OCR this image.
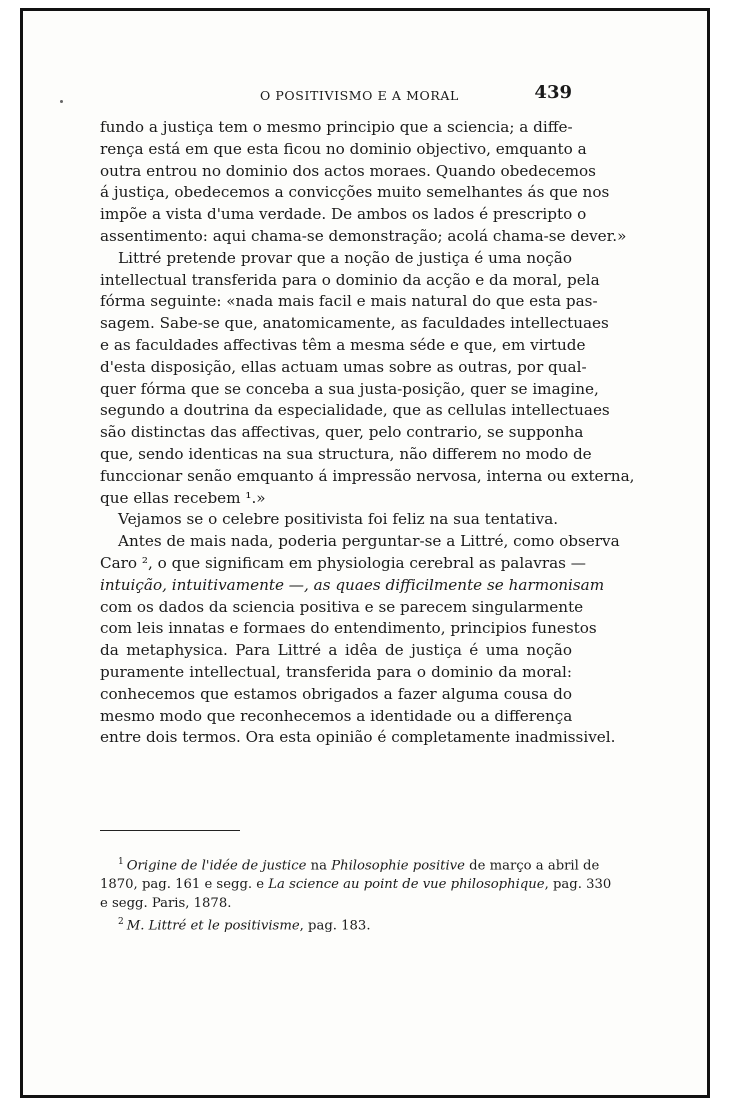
O POSITIVISMO E A MORAL	439
fundo a justiça tem o mesmo principio que a sciencia; a diffe-
rença está em que esta ficou no dominio objectivo, emquanto a
outra entrou no dominio dos actos moraes. Quando obedecemos
á justiça, obedecemos a convicções muito semelhantes ás que nos
impõe a vista d'uma verdade. De ambos os lados é prescripto o
assentimento: aqui chama-se demonstração; acolá chama-se dever.»
Littré pretende provar que a noção de justiça é uma noção
intellectual transferida para o dominio da acção e da moral, pela
fórma seguinte: «nada mais facil e mais natural do que esta pas-
sagem. Sabe-se que, anatomicamente, as faculdades intellectuaes
e as faculdades affectivas têm a mesma séde e que, em virtude
d'esta disposição, ellas actuam umas sobre as outras, por qual-
quer fórma que se conceba a sua justa-posição, quer se imagine,
segundo a doutrina da especialidade, que as cellulas intellectuaes
são distinctas das affectivas, quer, pelo contrario, se supponha
que, sendo identicas na sua structura, não differem no modo de
funccionar senão emquanto á impressão nervosa, interna ou externa,
que ellas recebem ¹.»
Vejamos se o celebre positivista foi feliz na sua tentativa.
Antes de mais nada, poderia perguntar-se a Littré, como observa
Caro ², o que significam em physiologia cerebral as palavras —
intuição, intuitivamente —, as quaes difficilmente se harmonisam
com os dados da sciencia positiva e se parecem singularmente
com leis innatas e formaes do entendimento, principios funestos
da metaphysica. Para Littré a idêa de justiça é uma noção
puramente intellectual, transferida para o dominio da moral:
conhecemos que estamos obrigados a fazer alguma cousa do
mesmo modo que reconhecemos a identidade ou a differença
entre dois termos. Ora esta opinião é completamente inadmissivel.
$^1$ Origine de l'idée de justice na Philosophie positive de março a abril de
1870, pag. 161 e segg. e La science au point de vue philosophique, pag. 330
e segg. Paris, 1878.
$^2$ M. Littré et le positivisme, pag. 183.
